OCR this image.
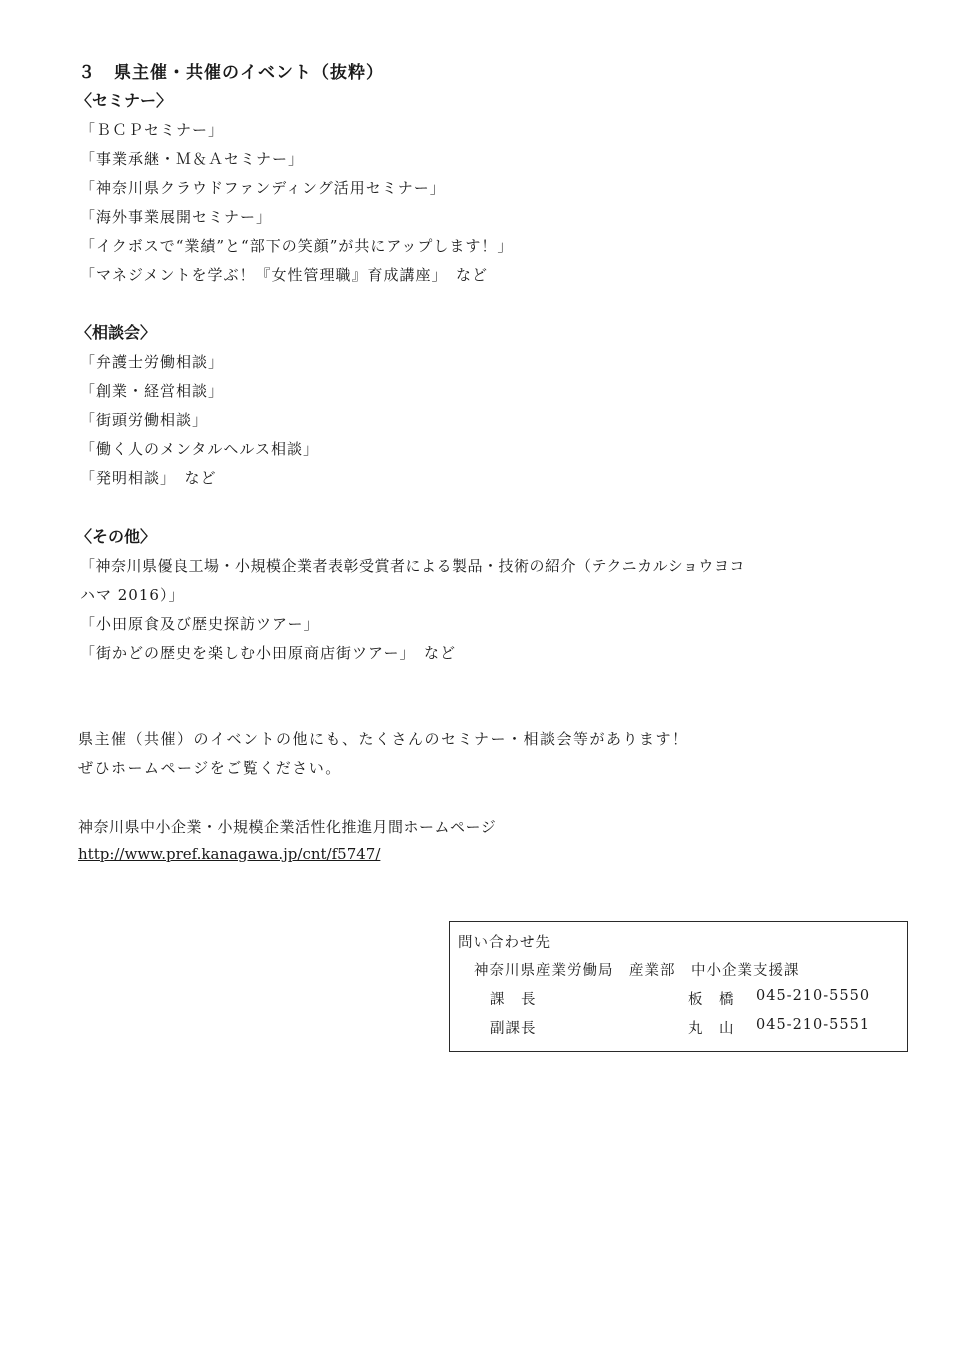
３　県主催・共催のイベント（抜粋）
〈セミナー〉
「ＢＣＰセミナー」
「事業承継・Ｍ＆Ａセミナー」
「神奈川県クラウドファンディング活用セミナー」
「海外事業展開セミナー」
「イクボスで“業績”と“部下の笑顔”が共にアップします！」
「マネジメントを学ぶ！『女性管理職』育成講座」　など
〈相談会〉
「弁護士労働相談」
「創業・経営相談」
「街頭労働相談」
「働く人のメンタルヘルス相談」
「発明相談」　など
〈その他〉
「神奈川県優良工場・小規模企業者表彰受賞者による製品・技術の紹介（テクニカルショウヨコ
ハマ 2016）」
「小田原食及び歴史探訪ツアー」
「街かどの歴史を楽しむ小田原商店街ツアー」　など
県主催（共催）のイベントの他にも、たくさんのセミナー・相談会等があります！
ぜひホームページをご覧ください。
神奈川県中小企業・小規模企業活性化推進月間ホームページ
http://www.pref.kanagawa.jp/cnt/f5747/
問い合わせ先
神奈川県産業労働局　産業部　中小企業支援課
課　長	板　橋 045-210-5550
副課長	丸　山 045-210-5551
